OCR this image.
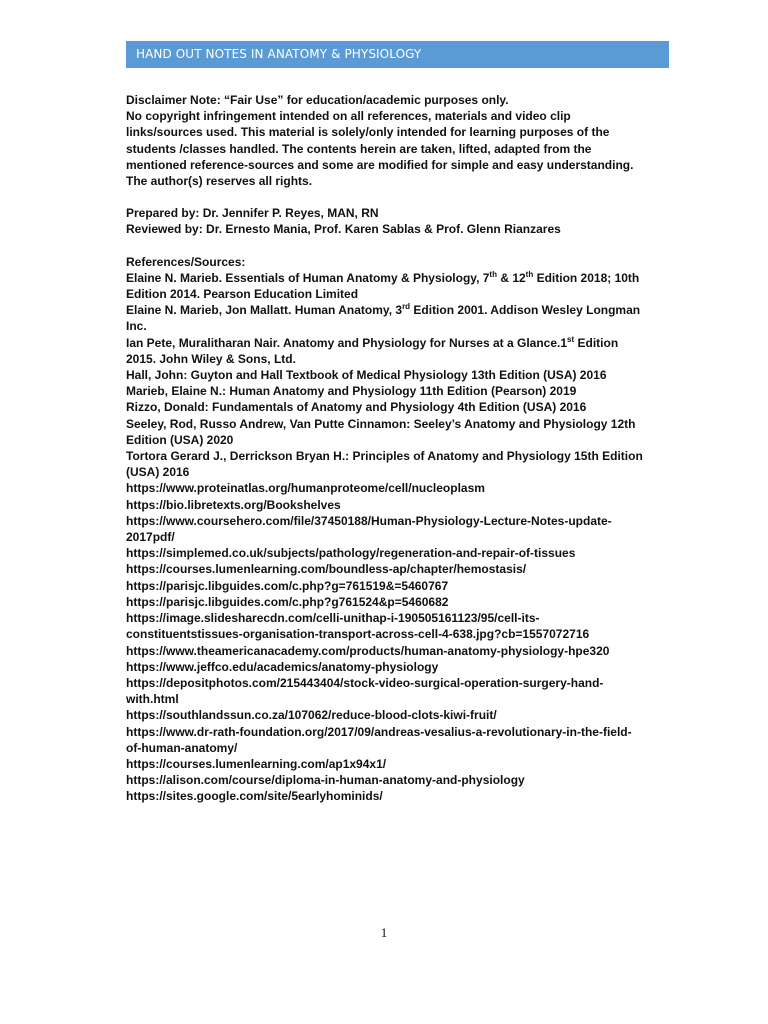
HAND OUT NOTES IN ANATOMY & PHYSIOLOGY
Disclaimer Note: “Fair Use” for education/academic purposes only.
No copyright infringement intended on all references, materials and video clip
links/sources used. This material is solely/only intended for learning purposes of the
students /classes handled. The contents herein are taken, lifted, adapted from the
mentioned reference-sources and some are modified for simple and easy understanding.
The author(s) reserves all rights.
Prepared by: Dr. Jennifer P. Reyes, MAN, RN
Reviewed by: Dr. Ernesto Mania, Prof. Karen Sablas & Prof. Glenn Rianzares
References/Sources:
Elaine N. Marieb. Essentials of Human Anatomy & Physiology, 7th & 12th Edition 2018; 10th
Edition 2014. Pearson Education Limited
Elaine N. Marieb, Jon Mallatt. Human Anatomy, 3rd Edition 2001. Addison Wesley Longman
Inc.
Ian Pete, Muralitharan Nair. Anatomy and Physiology for Nurses at a Glance.1st Edition
2015. John Wiley & Sons, Ltd.
Hall, John: Guyton and Hall Textbook of Medical Physiology 13th Edition (USA) 2016
Marieb, Elaine N.: Human Anatomy and Physiology 11th Edition (Pearson) 2019
Rizzo, Donald: Fundamentals of Anatomy and Physiology 4th Edition (USA) 2016
Seeley, Rod, Russo Andrew, Van Putte Cinnamon: Seeley’s Anatomy and Physiology 12th
Edition (USA) 2020
Tortora Gerard J., Derrickson Bryan H.: Principles of Anatomy and Physiology 15th Edition
(USA) 2016
https://www.proteinatlas.org/humanproteome/cell/nucleoplasm
https://bio.libretexts.org/Bookshelves
https://www.coursehero.com/file/37450188/Human-Physiology-Lecture-Notes-update-
2017pdf/
https://simplemed.co.uk/subjects/pathology/regeneration-and-repair-of-tissues
https://courses.lumenlearning.com/boundless-ap/chapter/hemostasis/
https://parisjc.libguides.com/c.php?g=761519&=5460767
https://parisjc.libguides.com/c.php?g761524&p=5460682
https://image.slidesharecdn.com/celli-unithap-i-190505161123/95/cell-its-
constituentstissues-organisation-transport-across-cell-4-638.jpg?cb=1557072716
https://www.theamericanacademy.com/products/human-anatomy-physiology-hpe320
https://www.jeffco.edu/academics/anatomy-physiology
https://depositphotos.com/215443404/stock-video-surgical-operation-surgery-hand-
with.html
https://southlandssun.co.za/107062/reduce-blood-clots-kiwi-fruit/
https://www.dr-rath-foundation.org/2017/09/andreas-vesalius-a-revolutionary-in-the-field-
of-human-anatomy/
https://courses.lumenlearning.com/ap1x94x1/
https://alison.com/course/diploma-in-human-anatomy-and-physiology
https://sites.google.com/site/5earlyhominids/
1
